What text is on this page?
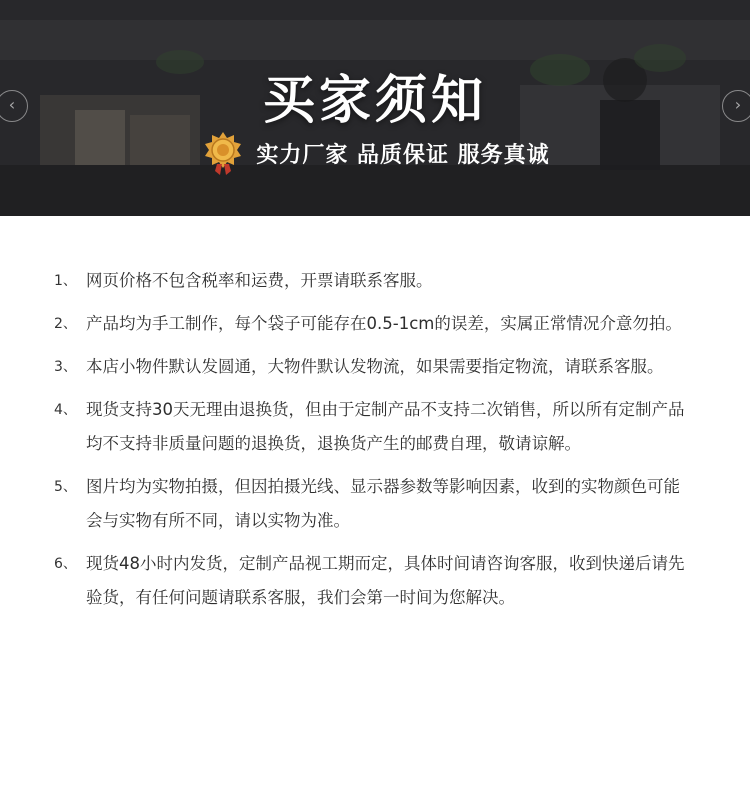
‹	›
买家须知
实力厂家 品质保证 服务真诚
1、 网页价格不包含税率和运费，开票请联系客服。
2、 产品均为手工制作，每个袋子可能存在0.5-1cm的误差，实属正常情况介意勿拍。
3、 本店小物件默认发圆通，大物件默认发物流，如果需要指定物流，请联系客服。
4、 现货支持30天无理由退换货，但由于定制产品不支持二次销售，所以所有定制产品均不支持非质量问题的退换货，退换货产生的邮费自理，敬请谅解。
5、 图片均为实物拍摄，但因拍摄光线、显示器参数等影响因素，收到的实物颜色可能会与实物有所不同，请以实物为准。
6、 现货48小时内发货，定制产品视工期而定，具体时间请咨询客服，收到快递后请先验货，有任何问题请联系客服，我们会第一时间为您解决。
